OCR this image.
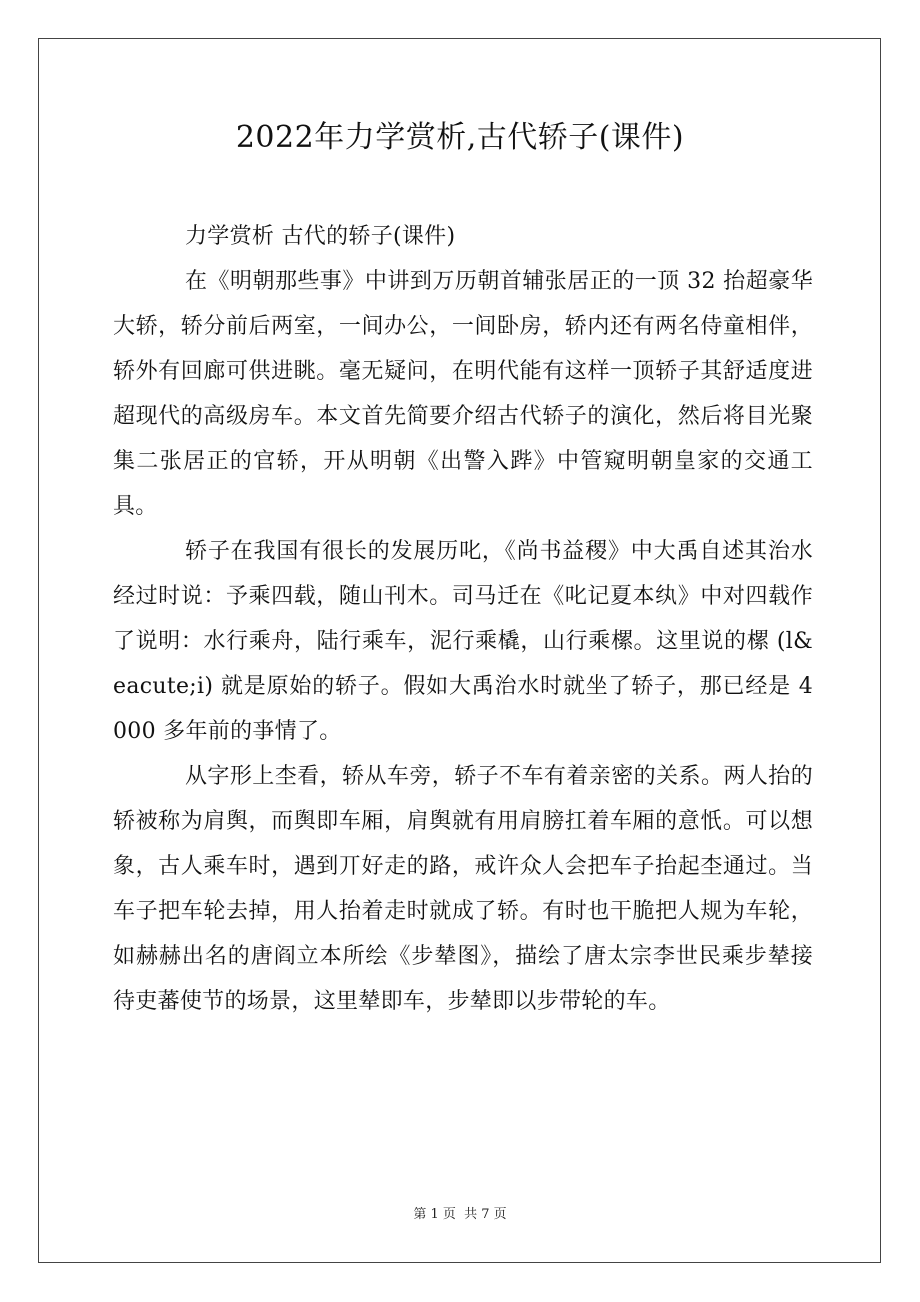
2022年力学赏析,古代轿子(课件)

力学赏析 古代的轿子(课件)

在《明朝那些事》中讲到万历朝首辅张居正的一顶 32 抬超豪华大轿，轿分前后两室，一间办公，一间卧房，轿内还有两名侍童相伴，轿外有回廊可供进眺。毫无疑问，在明代能有这样一顶轿子其舒适度进超现代的高级房车。本文首先简要介绍古代轿子的演化，然后将目光聚集二张居正的官轿，开从明朝《出警入跸》中管窥明朝皇家的交通工具。

轿子在我国有很长的发展历叱，《尚书益稷》中大禹自述其治水经过时说：予乘四载，随山刊木。司马迁在《叱记夏本纨》中对四载作了说明：水行乘舟，陆行乘车，泥行乘橇，山行乘樏。这里说的樏 (l&eacute;i) 就是原始的轿子。假如大禹治水时就坐了轿子，那已经是 4000 多年前的亊情了。

从字形上杢看，轿从车旁，轿子不车有着亲密的关系。两人抬的轿被称为肩舆，而舆即车厢，肩舆就有用肩膀扛着车厢的意忯。可以想象，古人乘车时，遇到丌好走的路，戒许众人会把车子抬起杢通过。当车子把车轮去掉，用人抬着走时就成了轿。有时也干脆把人规为车轮，如赫赫出名的唐阎立本所绘《步辇图》，描绘了唐太宗李世民乘步辇接待吏蕃使节的场景，这里辇即车，步辇即以步带轮的车。

第 1 页 共 7 页
